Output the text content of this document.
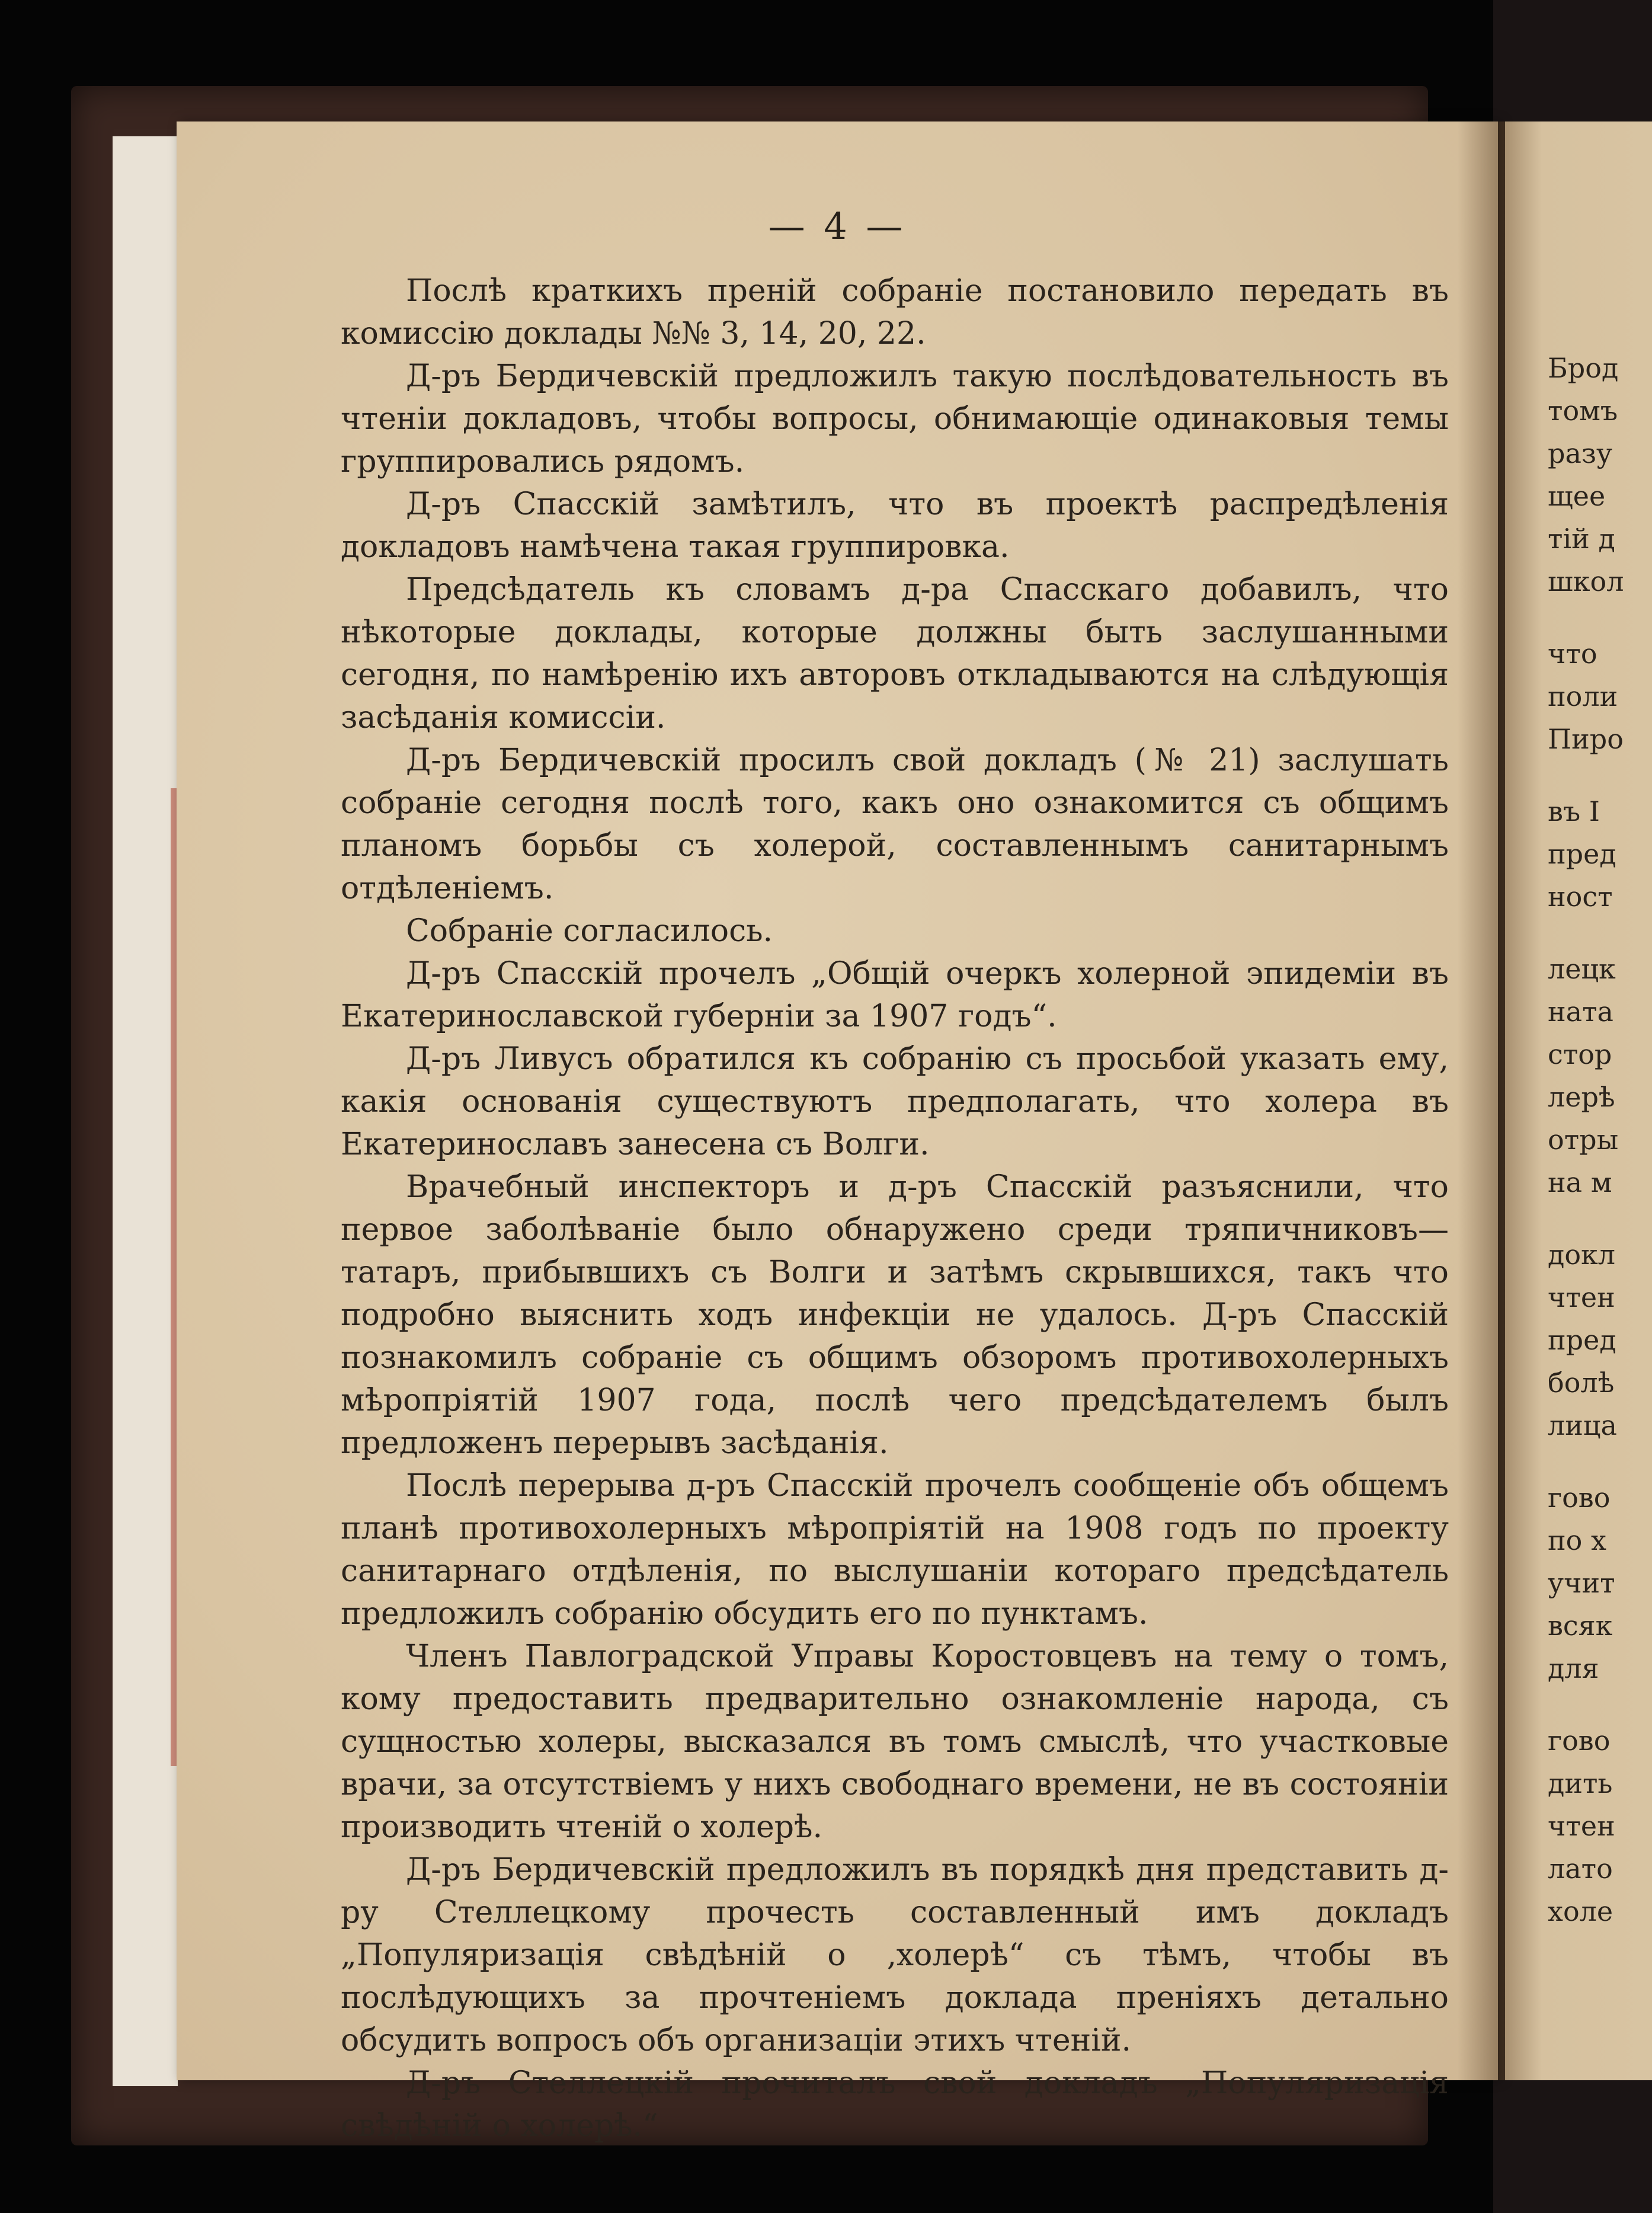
— 4 —

Послѣ краткихъ преній собраніе постановило передать въ комиссію доклады №№ 3, 14, 20, 22.

Д-ръ Бердичевскій предложилъ такую послѣдовательность въ чтеніи докладовъ, чтобы вопросы, обнимающіе одинаковыя темы группировались рядомъ.

Д-ръ Спасскій замѣтилъ, что въ проектѣ распредѣленія докладовъ намѣчена такая группировка.

Предсѣдатель къ словамъ д-ра Спасскаго добавилъ, что нѣкоторые доклады, которые должны быть заслушанными сегодня, по намѣренію ихъ авторовъ откладываются на слѣдующія засѣданія комиссіи.

Д-ръ Бердичевскій просилъ свой докладъ (№ 21) заслушать собраніе сегодня послѣ того, какъ оно ознакомится съ общимъ планомъ борьбы съ холерой, составленнымъ санитарнымъ отдѣленіемъ.

Собраніе согласилось.

Д-ръ Спасскій прочелъ „Общій очеркъ холерной эпидеміи въ Екатеринославской губерніи за 1907 годъ“.

Д-ръ Ливусъ обратился къ собранію съ просьбой указать ему, какія основанія существуютъ предполагать, что холера въ Екатеринославъ занесена съ Волги.

Врачебный инспекторъ и д-ръ Спасскій разъяснили, что первое заболѣваніе было обнаружено среди тряпичниковъ—татаръ, прибывшихъ съ Волги и затѣмъ скрывшихся, такъ что подробно выяснить ходъ инфекціи не удалось. Д-ръ Спасскій познакомилъ собраніе съ общимъ обзоромъ противохолерныхъ мѣропріятій 1907 года, послѣ чего предсѣдателемъ былъ предложенъ перерывъ засѣданія.

Послѣ перерыва д-ръ Спасскій прочелъ сообщеніе объ общемъ планѣ противохолерныхъ мѣропріятій на 1908 годъ по проекту санитарнаго отдѣленія, по выслушаніи котораго предсѣдатель предложилъ собранію обсудить его по пунктамъ.

Членъ Павлоградской Управы Коростовцевъ на тему о томъ, кому предоставить предварительно ознакомленіе народа, съ сущностью холеры, высказался въ томъ смыслѣ, что участковые врачи, за отсутствіемъ у нихъ свободнаго времени, не въ состояніи производить чтеній о холерѣ.

Д-ръ Бердичевскій предложилъ въ порядкѣ дня представить д-ру Стеллецкому прочесть составленный имъ докладъ „Популяризація свѣдѣній о ‚холерѣ“ съ тѣмъ, чтобы въ послѣдующихъ за прочтеніемъ доклада преніяхъ детально обсудить вопросъ объ организаціи этихъ чтеній.

Д-ръ Стеллецкій прочиталъ свой докладъ „Популяризація свѣдѣній о холерѣ.“

Брод
томъ
разу
щее
тій д
школ
что
поли
Пиро
въ I
пред
ност
лецк
ната
стор
лерѣ
отры
на м
докл
чтен
пред
болѣ
лица
гово
по х
учит
всяк
для
гово
дить
чтен
лато
холе
